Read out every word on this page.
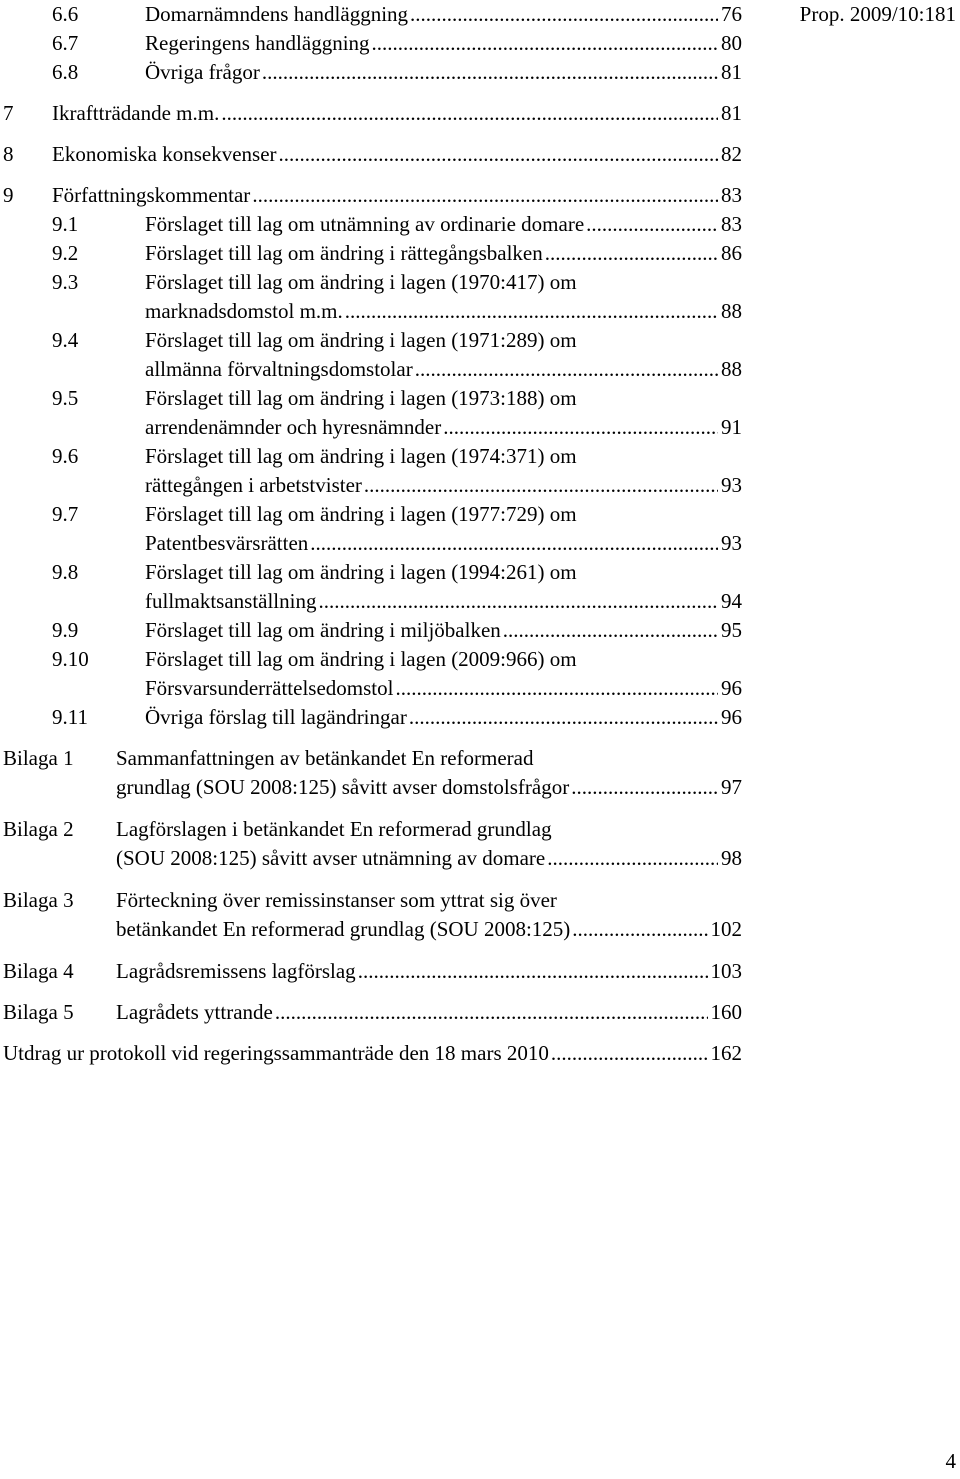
Prop. 2009/10:181
6.6	Domarnämndens handläggning .....	76
6.7	Regeringens handläggning .....	80
6.8	Övriga frågor .....	81
7 Ikraftträdande m.m. .....	81
8 Ekonomiska konsekvenser .....	82
9 Författningskommentar .....	83
9.1	Förslaget till lag om utnämning av ordinarie domare .....	83
9.2	Förslaget till lag om ändring i rättegångsbalken .....	86
9.3	Förslaget till lag om ändring i lagen (1970:417) om
marknadsdomstol m.m. .....	88
9.4	Förslaget till lag om ändring i lagen (1971:289) om
allmänna förvaltningsdomstolar .....	88
9.5	Förslaget till lag om ändring i lagen (1973:188) om
arrendenämnder och hyresnämnder .....	91
9.6	Förslaget till lag om ändring i lagen (1974:371) om
rättegången i arbetstvister .....	93
9.7	Förslaget till lag om ändring i lagen (1977:729) om
Patentbesvärsrätten .....	93
9.8	Förslaget till lag om ändring i lagen (1994:261) om
fullmaktsanställning .....	94
9.9	Förslaget till lag om ändring i miljöbalken .....	95
9.10	Förslaget till lag om ändring i lagen (2009:966) om
Försvarsunderrättelsedomstol .....	96
9.11	Övriga förslag till lagändringar .....	96
Bilaga 1 Sammanfattningen av betänkandet En reformerad
grundlag (SOU 2008:125) såvitt avser domstolsfrågor .....	97
Bilaga 2 Lagförslagen i betänkandet En reformerad grundlag
(SOU 2008:125) såvitt avser utnämning av domare .....	98
Bilaga 3 Förteckning över remissinstanser som yttrat sig över
betänkandet En reformerad grundlag (SOU 2008:125) .....	102
Bilaga 4 Lagrådsremissens lagförslag .....	103
Bilaga 5 Lagrådets yttrande .....	160
Utdrag ur protokoll vid regeringssammanträde den 18 mars 2010 .....	162
4
